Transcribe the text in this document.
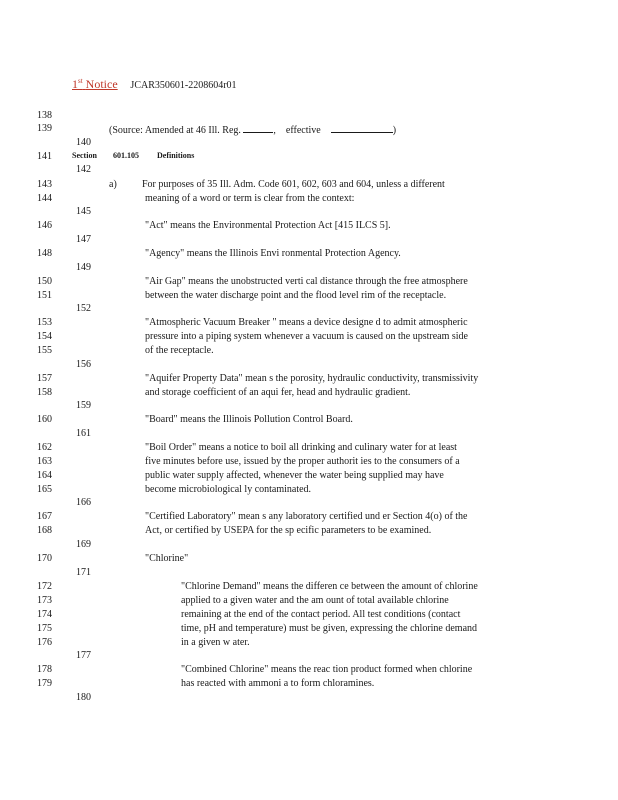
1st Notice JCAR350601-2208604r01
138
139
140
141
142
143
144
145
146
147
148
149
150
151
152
153
154
155
156
157
158
159
160
161
162
163
164
165
166
167
168
169
170
171
172
173
174
175
176
177
178
179
180
(Source: Amended at 46 Ill. Reg.	, effective	)
Section 601.105 Definitions
a)	For purposes of 35 Ill. Adm. Code 601, 602, 603 and 604, unless a different
meaning of a word or term is clear from the context:
"Act" means the Environmental Protection Act [415 ILCS 5].
"Agency" means the Illinois Envi ronmental Protection Agency.
"Air Gap" means the unobstructed verti cal distance through the free atmosphere
between the water discharge point and the flood level rim of the receptacle.
"Atmospheric Vacuum Breaker " means a device designe d to admit atmospheric
pressure into a piping system whenever a vacuum is caused on the upstream side
of the receptacle.
"Aquifer Property Data" mean s the porosity, hydraulic conductivity, transmissivity
and storage coefficient of an aqui fer, head and hydraulic gradient.
"Board" means the Illinois Pollution Control Board.
"Boil Order" means a notice to boil all drinking and culinary water for at least
five minutes before use, issued by the proper authorit ies to the consumers of a
public water supply affected, whenever the water being supplied may have
become microbiological ly contaminated.
"Certified Laboratory" mean s any laboratory certified und er Section 4(o) of the
Act, or certified by USEPA for the sp ecific parameters to be examined.
"Chlorine"
"Chlorine Demand" means the differen ce between the amount of chlorine
applied to a given water and the am ount of total available chlorine
remaining at the end of the contact period. All test conditions (contact
time, pH and temperature) must be given, expressing the chlorine demand
in a given w ater.
"Combined Chlorine" means the reac tion product formed when chlorine
has reacted with ammoni a to form chloramines.
